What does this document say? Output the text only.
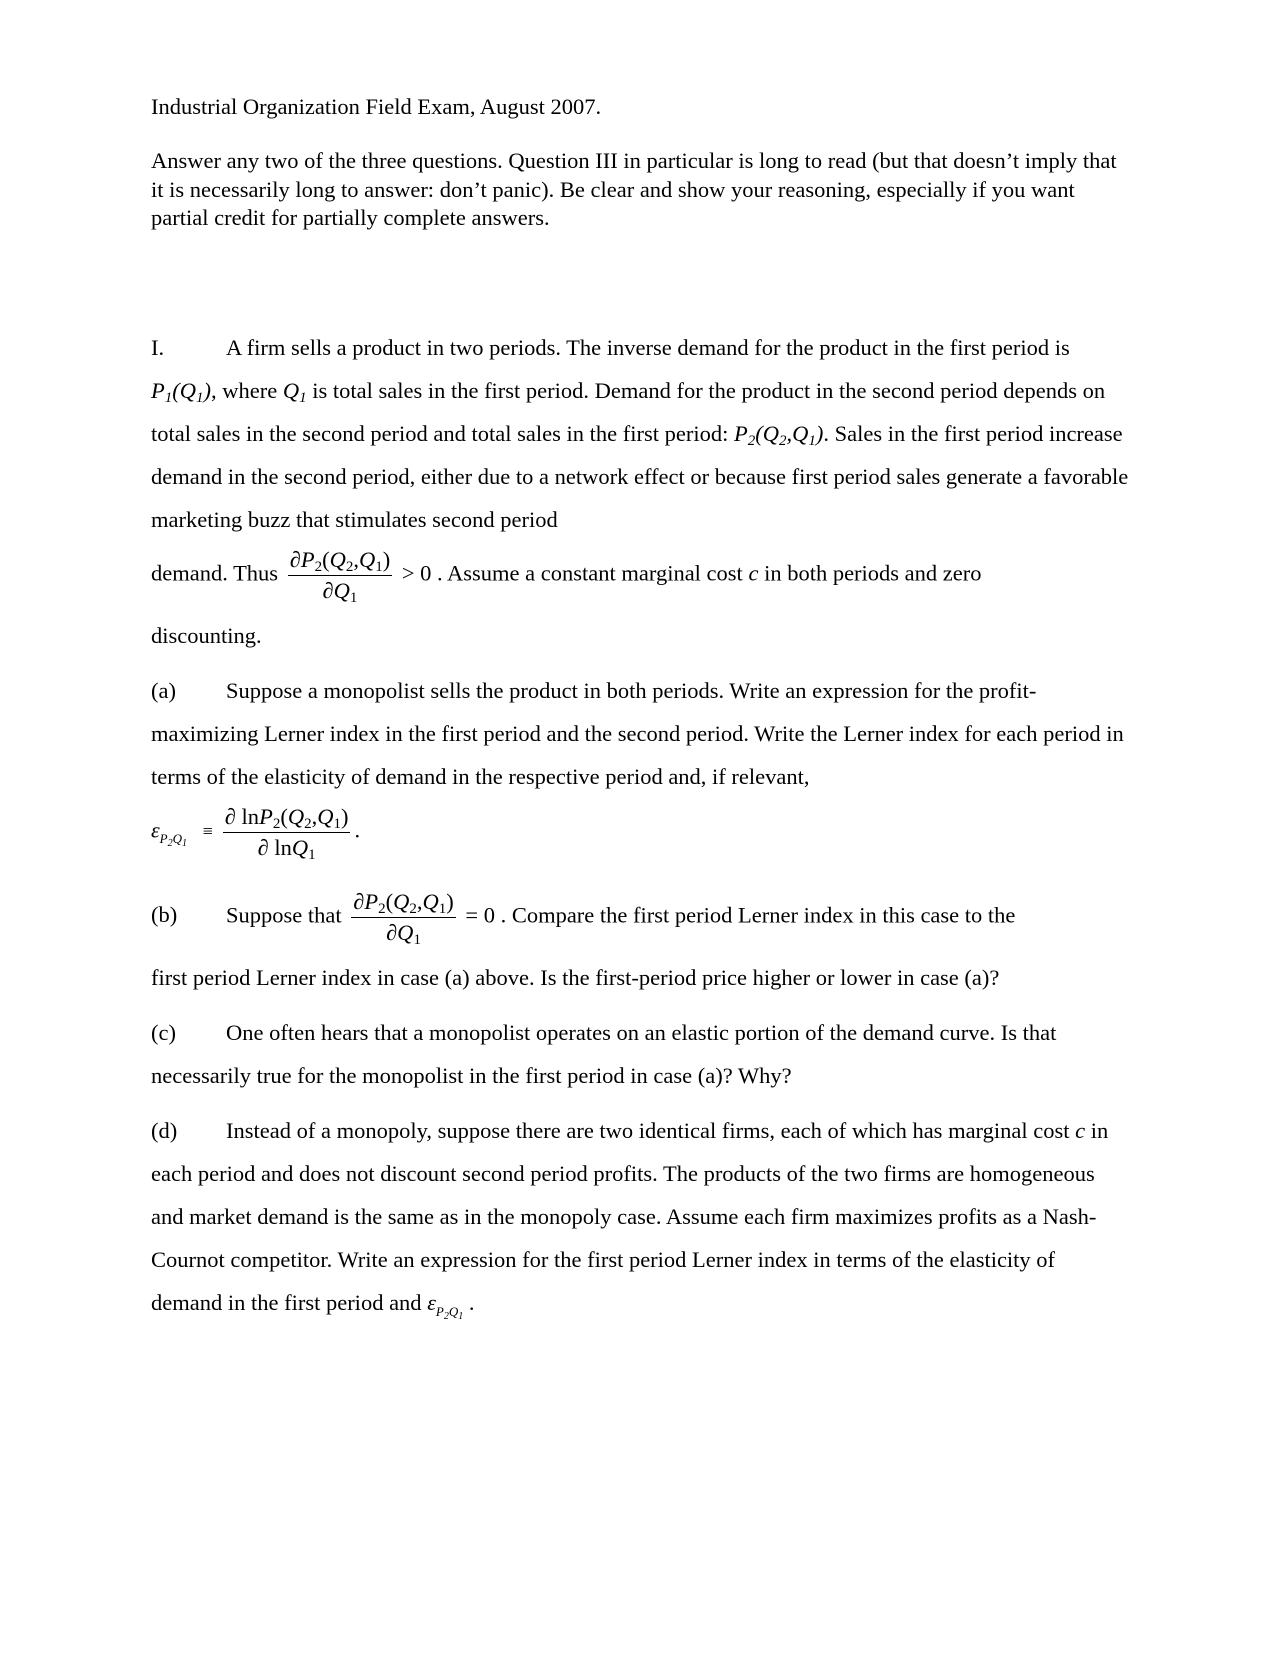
Industrial Organization Field Exam, August 2007.

Answer any two of the three questions. Question III in particular is long to read (but that doesn’t imply that it is necessarily long to answer: don’t panic). Be clear and show your reasoning, especially if you want partial credit for partially complete answers.

I.	A firm sells a product in two periods. The inverse demand for the product in the first period is $P_1(Q_1)$, where $Q_1$ is total sales in the first period. Demand for the product in the second period depends on total sales in the second period and total sales in the first period: $P_2(Q_2,Q_1)$. Sales in the first period increase demand in the second period, either due to a network effect or because first period sales generate a favorable marketing buzz that stimulates second period

demand. Thus $\frac{\partial P_2(Q_2,Q_1)}{\partial Q_1} > 0$ . Assume a constant marginal cost c in both periods and zero

discounting.

(a) Suppose a monopolist sells the product in both periods. Write an expression for the profit-maximizing Lerner index in the first period and the second period. Write the Lerner index for each period in terms of the elasticity of demand in the respective period and, if relevant,

$\varepsilon_{P_2Q_1} \equiv \frac{\partial \ln P_2(Q_2,Q_1)}{\partial \ln Q_1}$ .

(b) Suppose that $\frac{\partial P_2(Q_2,Q_1)}{\partial Q_1} = 0$ . Compare the first period Lerner index in this case to the

first period Lerner index in case (a) above. Is the first-period price higher or lower in case (a)?

(c) One often hears that a monopolist operates on an elastic portion of the demand curve. Is that necessarily true for the monopolist in the first period in case (a)? Why?

(d) Instead of a monopoly, suppose there are two identical firms, each of which has marginal cost c in each period and does not discount second period profits. The products of the two firms are homogeneous and market demand is the same as in the monopoly case. Assume each firm maximizes profits as a Nash-Cournot competitor. Write an expression for the first period Lerner index in terms of the elasticity of demand in the first period and $\varepsilon_{P_2Q_1}$ .
